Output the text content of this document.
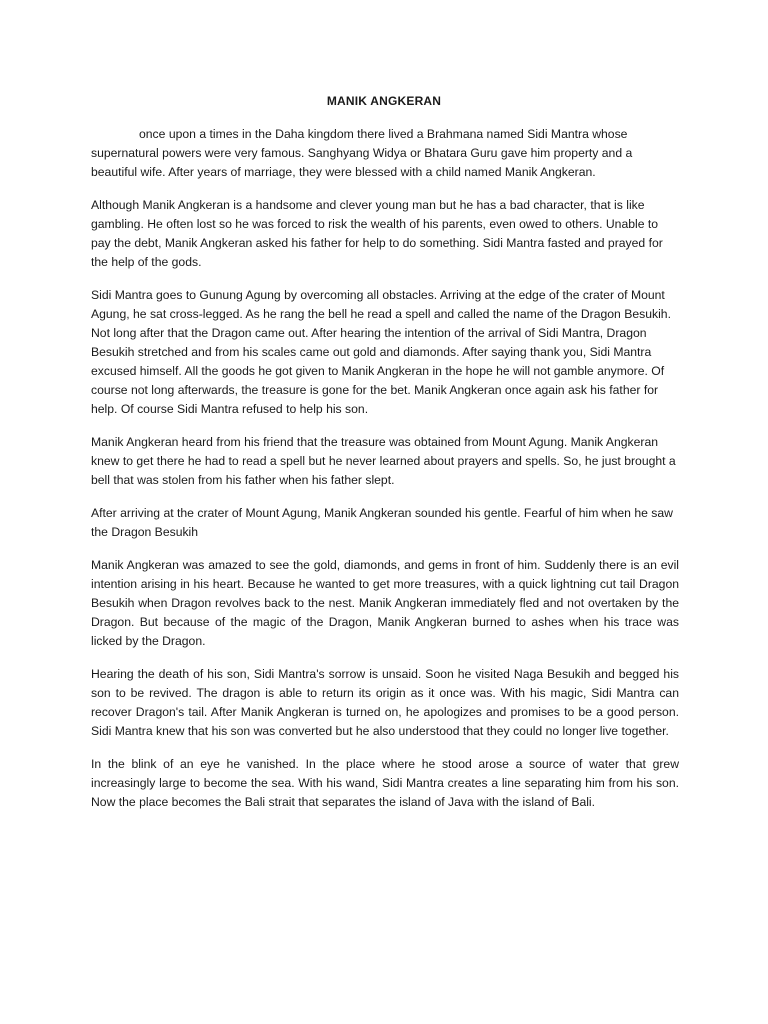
MANIK ANGKERAN

once upon a times in the Daha kingdom there lived a Brahmana named Sidi Mantra whose supernatural powers were very famous. Sanghyang Widya or Bhatara Guru gave him property and a beautiful wife. After years of marriage, they were blessed with a child named Manik Angkeran.

Although Manik Angkeran is a handsome and clever young man but he has a bad character, that is like gambling. He often lost so he was forced to risk the wealth of his parents, even owed to others. Unable to pay the debt, Manik Angkeran asked his father for help to do something. Sidi Mantra fasted and prayed for the help of the gods.

Sidi Mantra goes to Gunung Agung by overcoming all obstacles. Arriving at the edge of the crater of Mount Agung, he sat cross-legged. As he rang the bell he read a spell and called the name of the Dragon Besukih. Not long after that the Dragon came out. After hearing the intention of the arrival of Sidi Mantra, Dragon Besukih stretched and from his scales came out gold and diamonds. After saying thank you, Sidi Mantra excused himself. All the goods he got given to Manik Angkeran in the hope he will not gamble anymore. Of course not long afterwards, the treasure is gone for the bet. Manik Angkeran once again ask his father for help. Of course Sidi Mantra refused to help his son.

Manik Angkeran heard from his friend that the treasure was obtained from Mount Agung. Manik Angkeran knew to get there he had to read a spell but he never learned about prayers and spells. So, he just brought a bell that was stolen from his father when his father slept.

After arriving at the crater of Mount Agung, Manik Angkeran sounded his gentle. Fearful of him when he saw the Dragon Besukih

Manik Angkeran was amazed to see the gold, diamonds, and gems in front of him. Suddenly there is an evil intention arising in his heart. Because he wanted to get more treasures, with a quick lightning cut tail Dragon Besukih when Dragon revolves back to the nest. Manik Angkeran immediately fled and not overtaken by the Dragon. But because of the magic of the Dragon, Manik Angkeran burned to ashes when his trace was licked by the Dragon.

Hearing the death of his son, Sidi Mantra's sorrow is unsaid. Soon he visited Naga Besukih and begged his son to be revived. The dragon is able to return its origin as it once was. With his magic, Sidi Mantra can recover Dragon's tail. After Manik Angkeran is turned on, he apologizes and promises to be a good person. Sidi Mantra knew that his son was converted but he also understood that they could no longer live together.

In the blink of an eye he vanished. In the place where he stood arose a source of water that grew increasingly large to become the sea. With his wand, Sidi Mantra creates a line separating him from his son. Now the place becomes the Bali strait that separates the island of Java with the island of Bali.
